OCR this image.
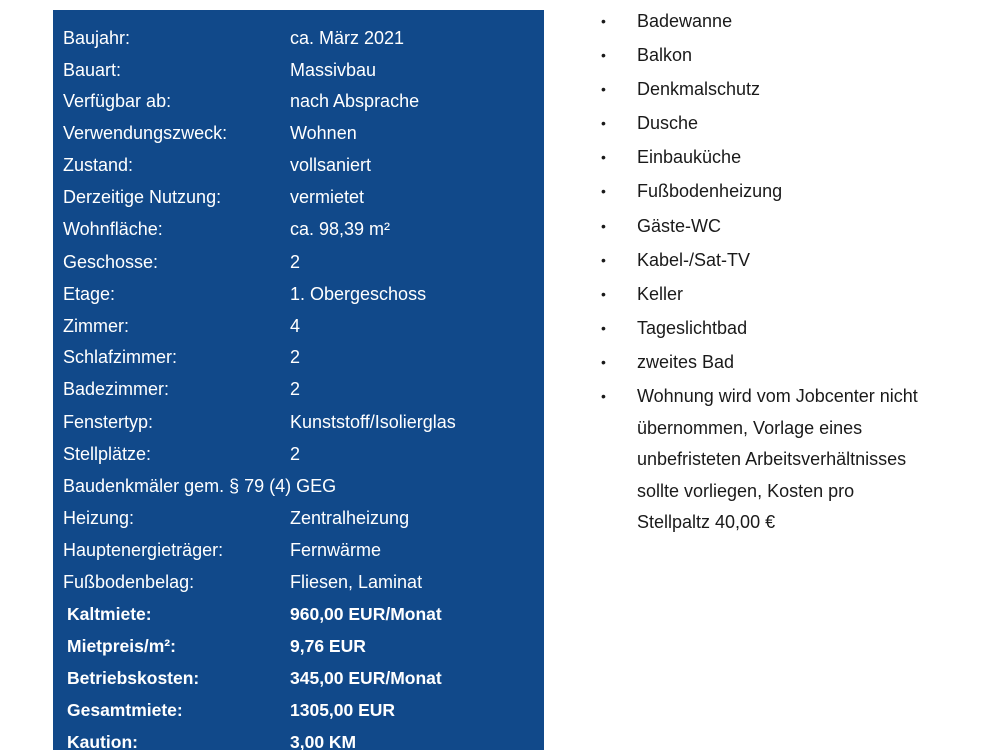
Baujahr:	ca. März 2021
Bauart:	Massivbau
Verfügbar ab:	nach Absprache
Verwendungszweck:	Wohnen
Zustand:	vollsaniert
Derzeitige Nutzung:	vermietet
Wohnfläche:	ca. 98,39 m²
Geschosse:	2
Etage:	1. Obergeschoss
Zimmer:	4
Schlafzimmer:	2
Badezimmer:	2
Fenstertyp:	Kunststoff/Isolierglas
Stellplätze:	2
Baudenkmäler gem. § 79 (4) GEG
Heizung:	Zentralheizung
Hauptenergieträger:	Fernwärme
Fußbodenbelag:	Fliesen, Laminat
Kaltmiete:	960,00 EUR/Monat
Mietpreis/m²:	9,76 EUR
Betriebskosten:	345,00 EUR/Monat
Gesamtmiete:	1305,00 EUR
Kaution:	3,00 KM
• Badewanne
• Balkon
• Denkmalschutz
• Dusche
• Einbauküche
• Fußbodenheizung
• Gäste-WC
• Kabel-/Sat-TV
• Keller
• Tageslichtbad
• zweites Bad
• Wohnung wird vom Jobcenter nicht
übernommen, Vorlage eines
unbefristeten Arbeitsverhältnisses
sollte vorliegen, Kosten pro
Stellpaltz 40,00 €
